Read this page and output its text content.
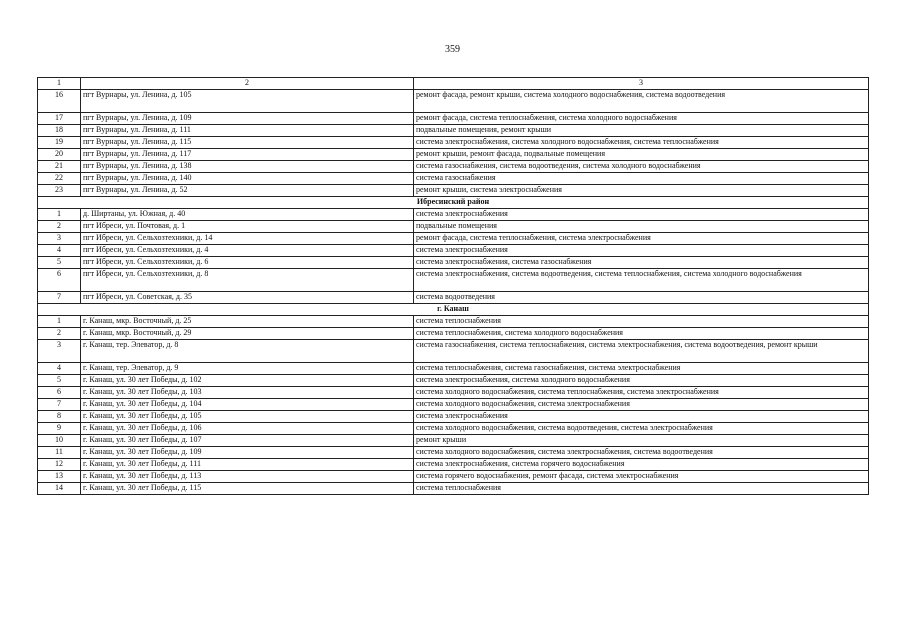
359
1	2	3
16	пгт Вурнары, ул. Ленина, д. 105	ремонт фасада, ремонт крыши, система холодного водоснабжения, система водоотведения
17	пгт Вурнары, ул. Ленина, д. 109	ремонт фасада, система теплоснабжения, система холодного водоснабжения
18	пгт Вурнары, ул. Ленина, д. 111	подвальные помещения, ремонт крыши
19	пгт Вурнары, ул. Ленина, д. 115	система электроснабжения, система холодного водоснабжения, система теплоснабжения
20	пгт Вурнары, ул. Ленина, д. 117	ремонт крыши, ремонт фасада, подвальные помещения
21	пгт Вурнары, ул. Ленина, д. 138	система газоснабжения, система водоотведения, система холодного водоснабжения
22	пгт Вурнары, ул. Ленина, д. 140	система газоснабжения
23	пгт Вурнары, ул. Ленина, д. 52	ремонт крыши, система электроснабжения
Ибресинский район		
1	д. Ширтаны, ул. Южная, д. 40	система электроснабжения
2	пгт Ибреси, ул. Почтовая, д. 1	подвальные помещения
3	пгт Ибреси, ул. Сельхозтехники, д. 14	ремонт фасада, система теплоснабжения, система электроснабжения
4	пгт Ибреси, ул. Сельхозтехники, д. 4	система электроснабжения
5	пгт Ибреси, ул. Сельхозтехники, д. 6	система электроснабжения, система газоснабжения
6	пгт Ибреси, ул. Сельхозтехники, д. 8	система электроснабжения, система водоотведения, система теплоснабжения, система холодного водоснабжения
7	пгт Ибреси, ул. Советская, д. 35	система водоотведения
г. Канаш		
1	г. Канаш, мкр. Восточный, д. 25	система теплоснабжения
2	г. Канаш, мкр. Восточный, д. 29	система теплоснабжения, система холодного водоснабжения
3	г. Канаш, тер. Элеватор, д. 8	система газоснабжения, система теплоснабжения, система электроснабжения, система водоотведения, ремонт крыши
4	г. Канаш, тер. Элеватор, д. 9	система теплоснабжения, система газоснабжения, система электроснабжения
5	г. Канаш, ул. 30 лет Победы, д. 102	система электроснабжения, система холодного водоснабжения
6	г. Канаш, ул. 30 лет Победы, д. 103	система холодного водоснабжения, система теплоснабжения, система электроснабжения
7	г. Канаш, ул. 30 лет Победы, д. 104	система холодного водоснабжения, система электроснабжения
8	г. Канаш, ул. 30 лет Победы, д. 105	система электроснабжения
9	г. Канаш, ул. 30 лет Победы, д. 106	система холодного водоснабжения, система водоотведения, система электроснабжения
10	г. Канаш, ул. 30 лет Победы, д. 107	ремонт крыши
11	г. Канаш, ул. 30 лет Победы, д. 109	система холодного водоснабжения, система электроснабжения, система водоотведения
12	г. Канаш, ул. 30 лет Победы, д. 111	система электроснабжения, система горячего водоснабжения
13	г. Канаш, ул. 30 лет Победы, д. 113	система горячего водоснабжения, ремонт фасада, система электроснабжения
14	г. Канаш, ул. 30 лет Победы, д. 115	система теплоснабжения
